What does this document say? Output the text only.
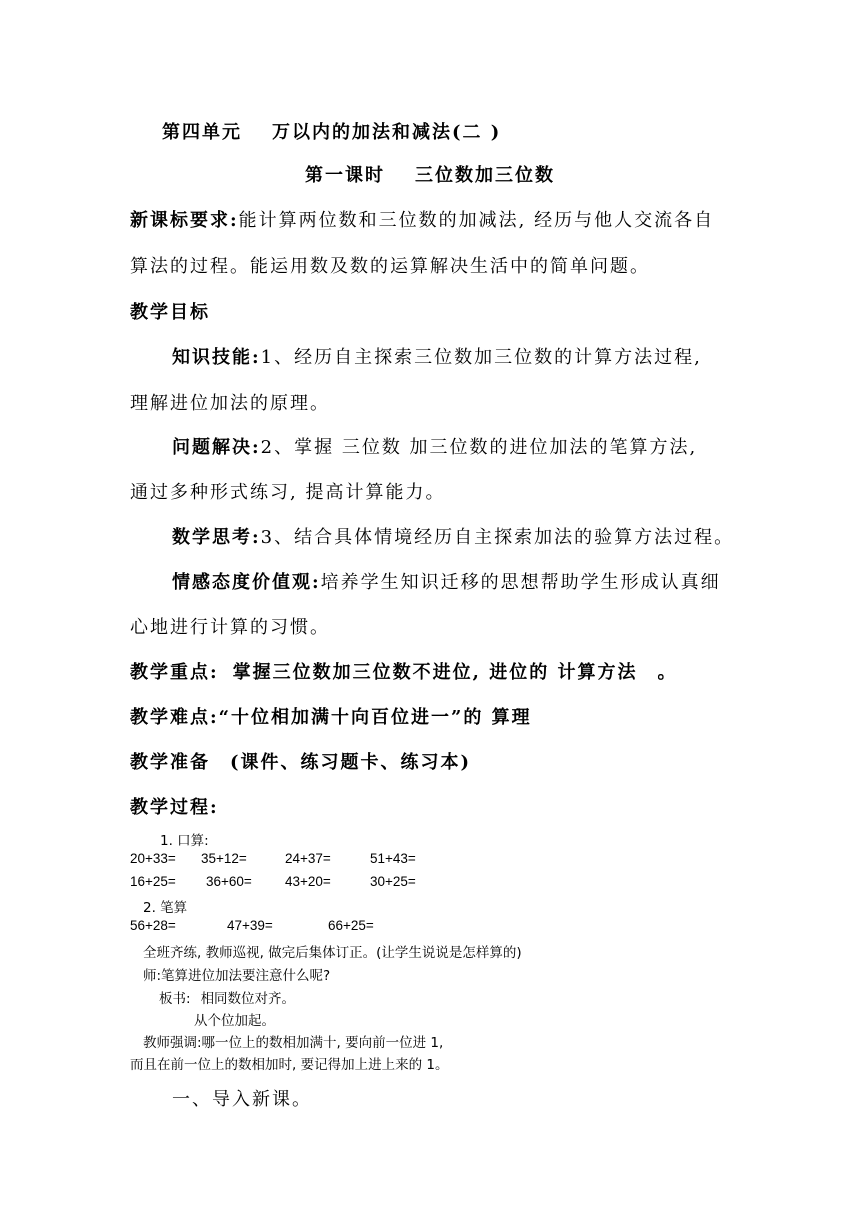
第四单元 万以内的加法和减法(二 )
第一课时 三位数加三位数
新课标要求:能计算两位数和三位数的加减法, 经历与他人交流各自
算法的过程。能运用数及数的运算解决生活中的简单问题。
教学目标
知识技能:1、经历自主探索三位数加三位数的计算方法过程,
理解进位加法的原理。
问题解决:2、掌握 三位数 加三位数的进位加法的笔算方法,
通过多种形式练习, 提高计算能力。
数学思考:3、结合具体情境经历自主探索加法的验算方法过程。
情感态度价值观:培养学生知识迁移的思想帮助学生形成认真细
心地进行计算的习惯。
教学重点: 掌握三位数加三位数不进位, 进位的 计算方法 。
教学难点:“十位相加满十向百位进一”的 算理
教学准备 (课件、练习题卡、练习本)
教学过程:
1. 口算:
20+33= 35+12=	24+37=	51+43=
16+25= 36+60= 43+20=	30+25=
2. 笔算
56+28=	47+39=	66+25=
全班齐练, 教师巡视, 做完后集体订正。(让学生说说是怎样算的)
师:笔算进位加法要注意什么呢?
板书: 相同数位对齐。
从个位加起。
教师强调:哪一位上的数相加满十, 要向前一位进 1,
而且在前一位上的数相加时, 要记得加上进上来的 1。
一、导入新课。
